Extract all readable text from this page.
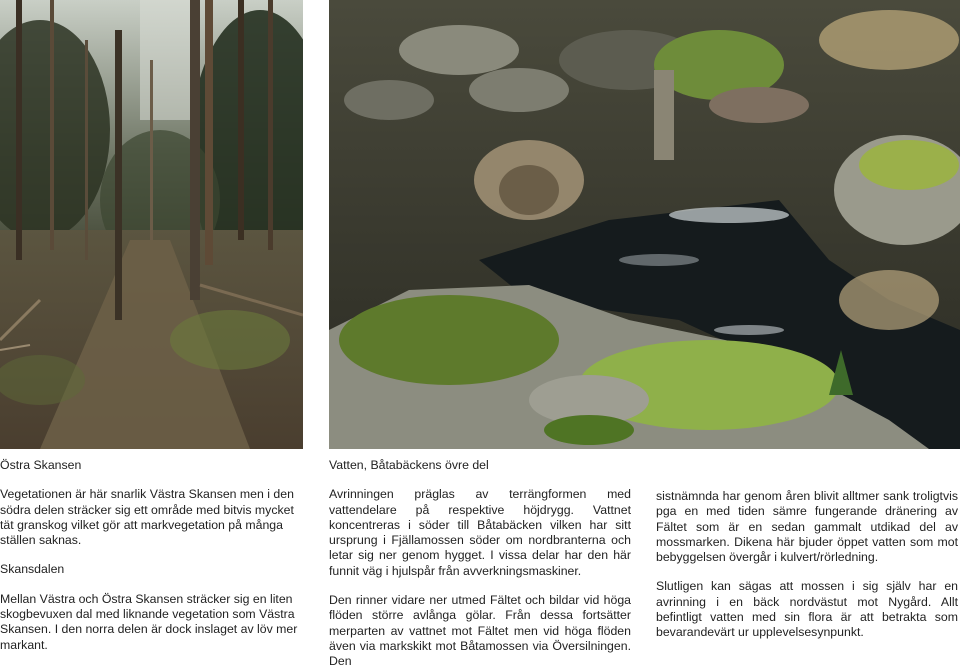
Östra Skansen

Vegetationen är här snarlik Västra Skansen men i den södra delen sträcker sig ett område med bitvis mycket tät granskog vilket gör att markvegetation på många ställen saknas.

Skansdalen

Mellan Västra och Östra Skansen sträcker sig en liten skogbevuxen dal med liknande vegetation som Västra Skansen. I den norra delen är dock inslaget av löv mer markant.

Vatten, Båtabäckens övre del

Avrinningen präglas av terrängformen med vattendelare på respektive höjdrygg. Vattnet koncentreras i söder till Båtabäcken vilken har sitt ursprung i Fjällamossen söder om nordbranterna och letar sig ner genom hygget. I vissa delar har den här funnit väg i hjulspår från avverkningsmaskiner.

Den rinner vidare ner utmed Fältet och bildar vid höga flöden större avlånga gölar. Från dessa fortsätter merparten av vattnet mot Fältet men vid höga flöden även via markskikt mot Båtamossen via Översilningen. Den

sistnämnda har genom åren blivit alltmer sank troligtvis pga en med tiden sämre fungerande dränering av Fältet som är en sedan gammalt utdikad del av mossmarken. Dikena här bjuder öppet vatten som mot bebyggelsen övergår i kulvert/rörledning.

Slutligen kan sägas att mossen i sig själv har en avrinning i en bäck nordvästut mot Nygård. Allt befintligt vatten med sin flora är att betrakta som bevarandevärt ur upplevelsesynpunkt.
